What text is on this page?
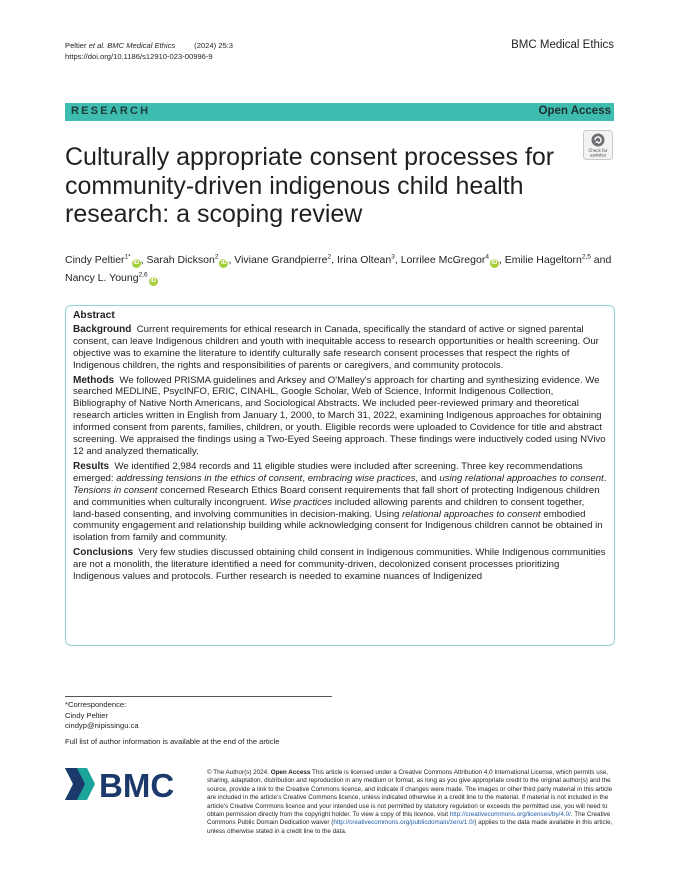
Peltier et al. BMC Medical Ethics	(2024) 25:3
https://doi.org/10.1186/s12910-023-00996-9
BMC Medical Ethics
RESEARCH	Open Access
Check for
updates
Culturally appropriate consent processes for community-driven indigenous child health research: a scoping review
Cindy Peltier$^{1*}$iD , Sarah Dickson$^2$iD , Viviane Grandpierre$^2$, Irina Oltean$^3$, Lorrilee McGregor$^4$iD , Emilie Hageltorn$^{2,5}$ and Nancy L. Young$^{2,6}$iD
Abstract

Background Current requirements for ethical research in Canada, specifically the standard of active or signed parental consent, can leave Indigenous children and youth with inequitable access to research opportunities or health screening. Our objective was to examine the literature to identify culturally safe research consent processes that respect the rights of Indigenous children, the rights and responsibilities of parents or caregivers, and community protocols.

Methods We followed PRISMA guidelines and Arksey and O'Malley's approach for charting and synthesizing evidence. We searched MEDLINE, PsycINFO, ERIC, CINAHL, Google Scholar, Web of Science, Informit Indigenous Collection, Bibliography of Native North Americans, and Sociological Abstracts. We included peer-reviewed primary and theoretical research articles written in English from January 1, 2000, to March 31, 2022, examining Indigenous approaches for obtaining informed consent from parents, families, children, or youth. Eligible records were uploaded to Covidence for title and abstract screening. We appraised the findings using a Two-Eyed Seeing approach. These findings were inductively coded using NVivo 12 and analyzed thematically.

Results We identified 2,984 records and 11 eligible studies were included after screening. Three key recommendations emerged: addressing tensions in the ethics of consent, embracing wise practices, and using relational approaches to consent. Tensions in consent concerned Research Ethics Board consent requirements that fall short of protecting Indigenous children and communities when culturally incongruent. Wise practices included allowing parents and children to consent together, land-based consenting, and involving communities in decision-making. Using relational approaches to consent embodied community engagement and relationship building while acknowledging consent for Indigenous children cannot be obtained in isolation from family and community.

Conclusions Very few studies discussed obtaining child consent in Indigenous communities. While Indigenous communities are not a monolith, the literature identified a need for community-driven, decolonized consent processes prioritizing Indigenous values and protocols. Further research is needed to examine nuances of Indigenized

*Correspondence:
Cindy Peltier
cindyp@nipissingu.ca
Full list of author information is available at the end of the article
BMC	© The Author(s) 2024. Open Access This article is licensed under a Creative Commons Attribution 4.0 International License, which permits use, sharing, adaptation, distribution and reproduction in any medium or format, as long as you give appropriate credit to the original author(s) and the source, provide a link to the Creative Commons licence, and indicate if changes were made. The images or other third party material in this article are included in the article's Creative Commons licence, unless indicated otherwise in a credit line to the material. If material is not included in the article's Creative Commons licence and your intended use is not permitted by statutory regulation or exceeds the permitted use, you will need to obtain permission directly from the copyright holder. To view a copy of this licence, visit http://creativecommons.org/licenses/by/4.0/. The Creative Commons Public Domain Dedication waiver (http://creativecommons.org/publicdomain/zero/1.0/) applies to the data made available in this article, unless otherwise stated in a credit line to the data.
